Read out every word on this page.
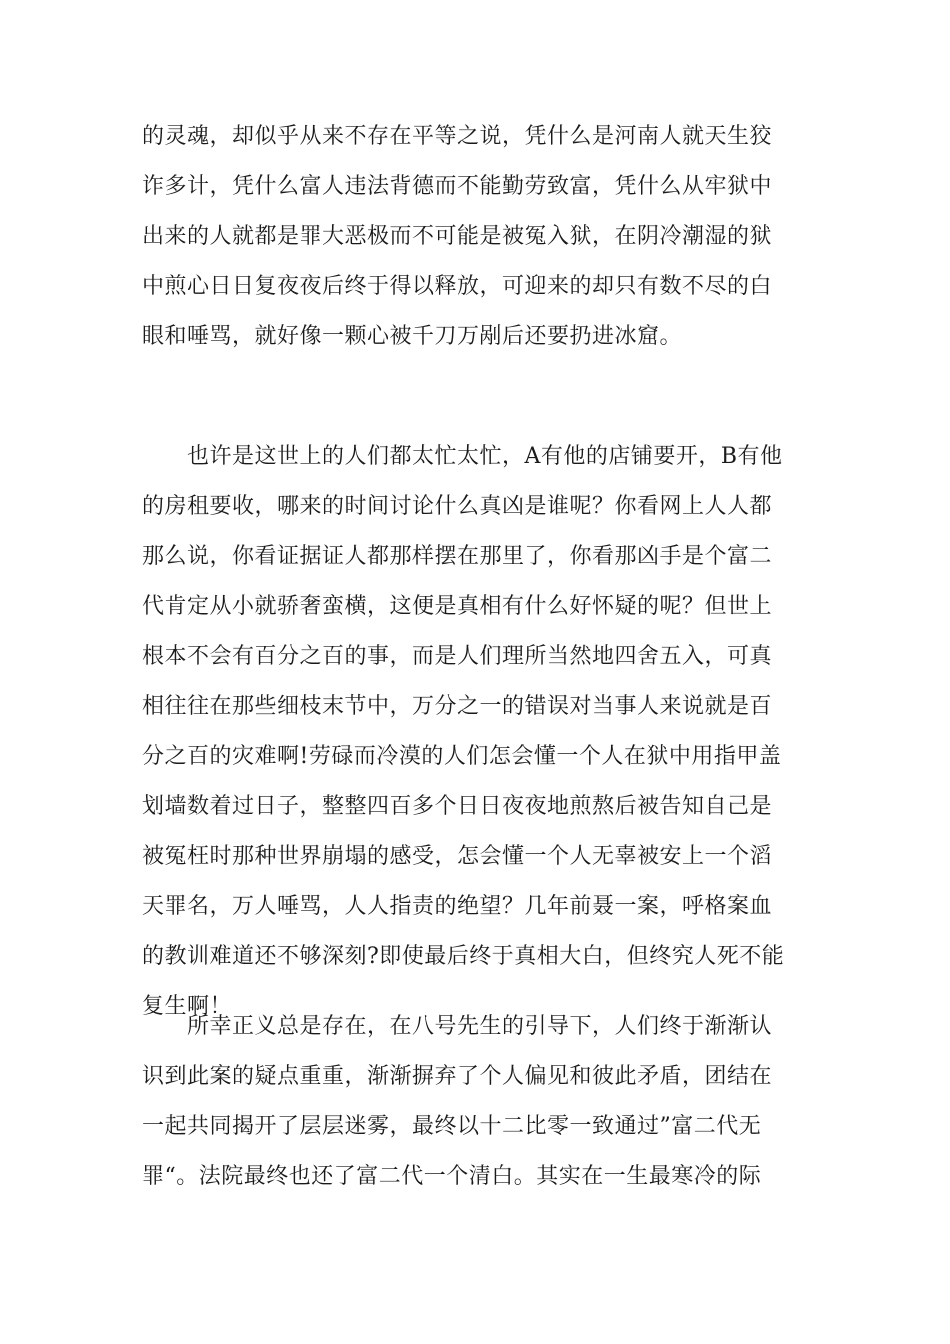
的灵魂，却似乎从来不存在平等之说，凭什么是河南人就天生狡
诈多计，凭什么富人违法背德而不能勤劳致富，凭什么从牢狱中
出来的人就都是罪大恶极而不可能是被冤入狱，在阴冷潮湿的狱
中煎心日日复夜夜后终于得以释放，可迎来的却只有数不尽的白
眼和唾骂，就好像一颗心被千刀万剐后还要扔进冰窟。
　　也许是这世上的人们都太忙太忙，A有他的店铺要开，B有他
的房租要收，哪来的时间讨论什么真凶是谁呢？你看网上人人都
那么说，你看证据证人都那样摆在那里了，你看那凶手是个富二
代肯定从小就骄奢蛮横，这便是真相有什么好怀疑的呢？但世上
根本不会有百分之百的事，而是人们理所当然地四舍五入，可真
相往往在那些细枝末节中，万分之一的错误对当事人来说就是百
分之百的灾难啊!劳碌而冷漠的人们怎会懂一个人在狱中用指甲盖
划墙数着过日子，整整四百多个日日夜夜地煎熬后被告知自己是
被冤枉时那种世界崩塌的感受，怎会懂一个人无辜被安上一个滔
天罪名，万人唾骂，人人指责的绝望？几年前聂一案，呼格案血
的教训难道还不够深刻?即使最后终于真相大白，但终究人死不能
复生啊！
　　所幸正义总是存在，在八号先生的引导下，人们终于渐渐认
识到此案的疑点重重，渐渐摒弃了个人偏见和彼此矛盾，团结在
一起共同揭开了层层迷雾，最终以十二比零一致通过”富二代无
罪“。法院最终也还了富二代一个清白。其实在一生最寒冷的际
